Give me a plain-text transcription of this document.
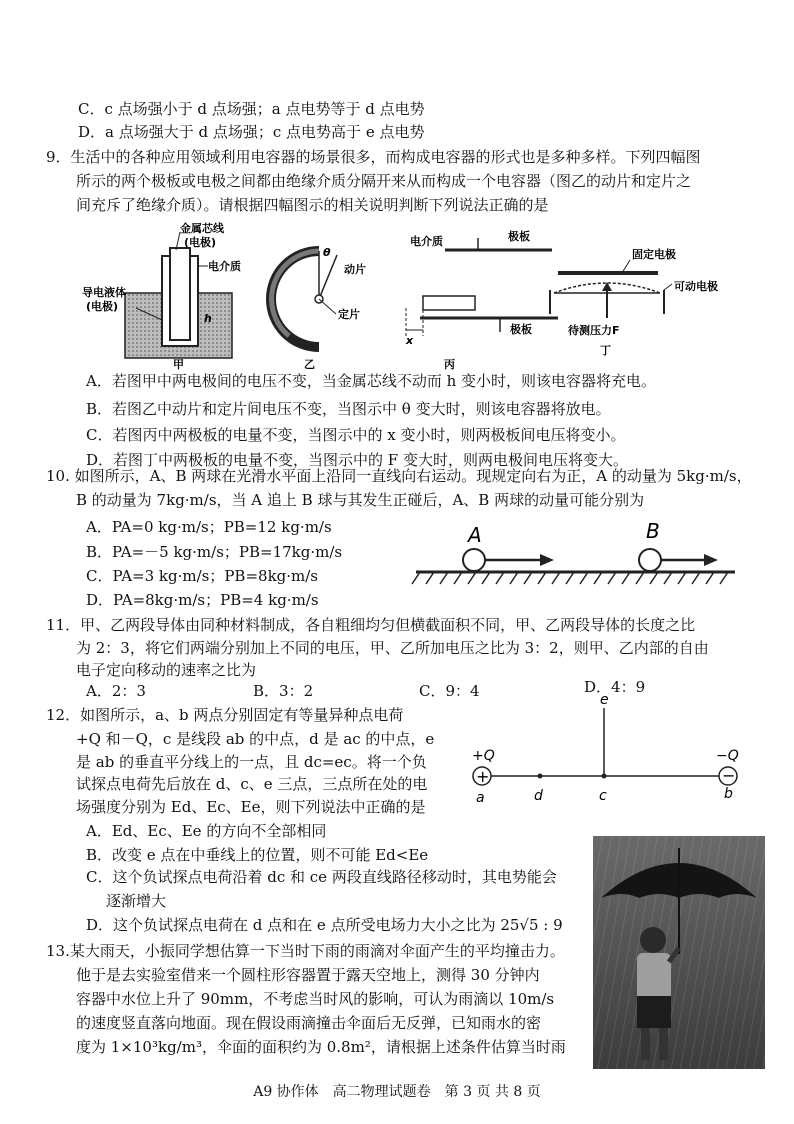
C．c 点场强小于 d 点场强；a 点电势等于 d 点电势
D．a 点场强大于 d 点场强；c 点电势高于 e 点电势
9．生活中的各种应用领域利用电容器的场景很多，而构成电容器的形式也是多种多样。下列四幅图
所示的两个极板或电极之间都由绝缘介质分隔开来从而构成一个电容器（图乙的动片和定片之
间充斥了绝缘介质）。请根据四幅图示的相关说明判断下列说法正确的是
金属芯线
(电极)
电介质
导电液体
(电极)
h
甲
θ
动片
定片
乙
电介质	极板
极板
x
丙
固定电极
可动电极
待测压力F
丁
A．若图甲中两电极间的电压不变，当金属芯线不动而 h 变小时，则该电容器将充电。
B．若图乙中动片和定片间电压不变，当图示中 θ 变大时，则该电容器将放电。
C．若图丙中两极板的电量不变，当图示中的 x 变小时，则两极板间电压将变小。
D．若图丁中两极板的电量不变，当图示中的 F 变大时，则两电极间电压将变大。
10. 如图所示，A、B 两球在光滑水平面上沿同一直线向右运动。现规定向右为正，A 的动量为 5kg·m/s，
B 的动量为 7kg·m/s，当 A 追上 B 球与其发生正碰后，A、B 两球的动量可能分别为
A．PA=0 kg·m/s；PB=12 kg·m/s
B．PA=－5 kg·m/s；PB=17kg·m/s
C．PA=3 kg·m/s；PB=8kg·m/s
D．PA=8kg·m/s；PB=4 kg·m/s
A	B
11．甲、乙两段导体由同种材料制成，各自粗细均匀但横截面积不同，甲、乙两段导体的长度之比
为 2：3，将它们两端分别加上不同的电压，甲、乙所加电压之比为 3：2，则甲、乙内部的自由
电子定向移动的速率之比为
A．2：3	B．3：2	C．9：4	D．4：9
12．如图所示，a、b 两点分别固定有等量异种点电荷
+Q 和－Q，c 是线段 ab 的中点，d 是 ac 的中点，e
是 ab 的垂直平分线上的一点，且 dc=ec。将一个负
试探点电荷先后放在 d、c、e 三点，三点所在处的电
场强度分别为 Ed、Ec、Ee，则下列说法中正确的是
A．Ed、Ec、Ee 的方向不全部相同
B．改变 e 点在中垂线上的位置，则不可能 Ed<Ee
C．这个负试探点电荷沿着 dc 和 ce 两段直线路径移动时，其电势能会
逐渐增大
D．这个负试探点电荷在 d 点和在 e 点所受电场力大小之比为 25√5 : 9
+	−
+Q	−Q
a	b
d	c
e
13.某大雨天，小振同学想估算一下当时下雨的雨滴对伞面产生的平均撞击力。
他于是去实验室借来一个圆柱形容器置于露天空地上，测得 30 分钟内
容器中水位上升了 90mm，不考虑当时风的影响，可认为雨滴以 10m/s
的速度竖直落向地面。现在假设雨滴撞击伞面后无反弹，已知雨水的密
度为 1×10³kg/m³，伞面的面积约为 0.8m²，请根据上述条件估算当时雨
A9 协作体　高二物理试题卷　第 3 页 共 8 页
